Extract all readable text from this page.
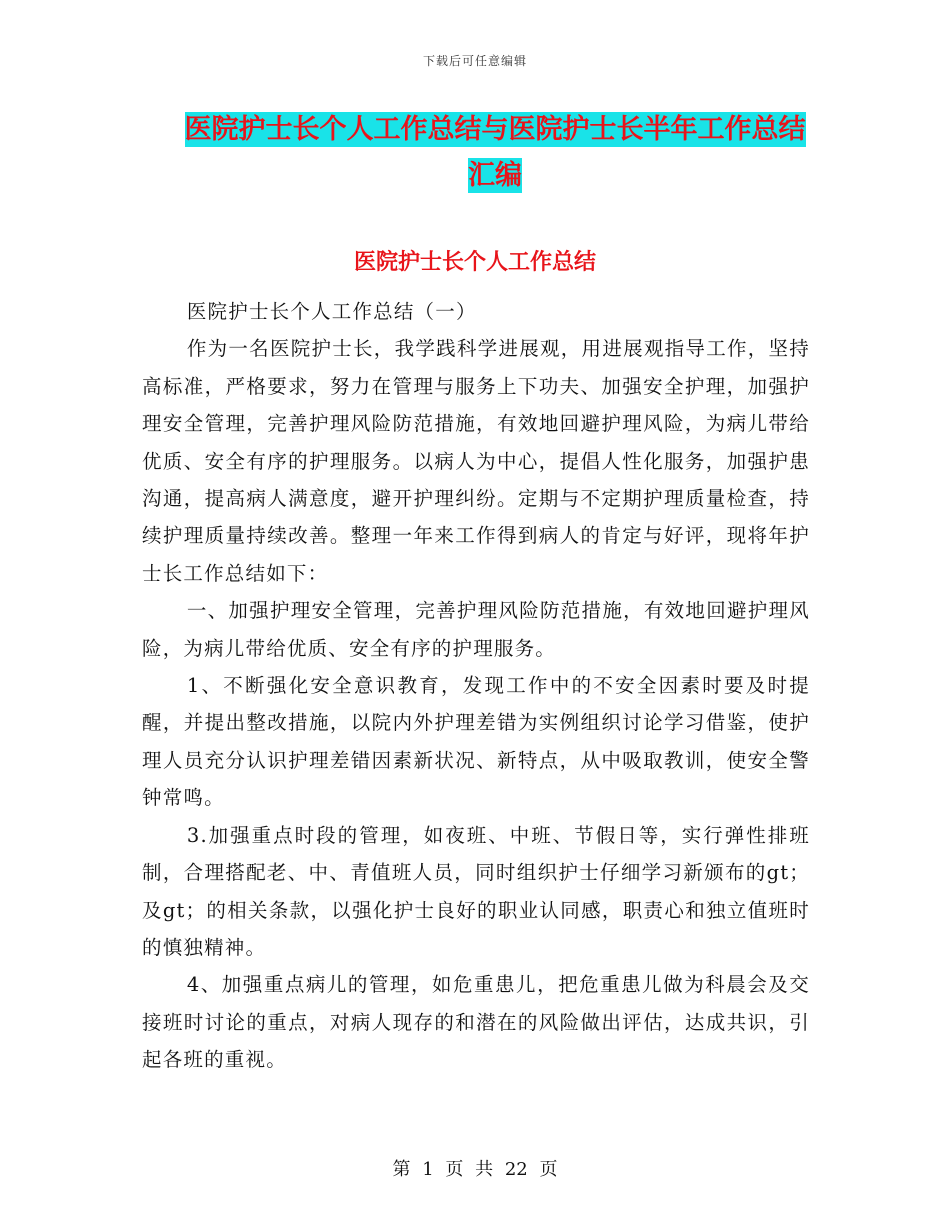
下载后可任意编辑
医院护士长个人工作总结与医院护士长半年工作总结
汇编
医院护士长个人工作总结

医院护士长个人工作总结（一）

作为一名医院护士长，我学践科学进展观，用进展观指导工作，坚持高标准，严格要求，努力在管理与服务上下功夫、加强安全护理，加强护理安全管理，完善护理风险防范措施，有效地回避护理风险，为病儿带给优质、安全有序的护理服务。以病人为中心，提倡人性化服务，加强护患沟通，提高病人满意度，避开护理纠纷。定期与不定期护理质量检查，持续护理质量持续改善。整理一年来工作得到病人的肯定与好评，现将年护士长工作总结如下：

一、加强护理安全管理，完善护理风险防范措施，有效地回避护理风险，为病儿带给优质、安全有序的护理服务。

1、不断强化安全意识教育，发现工作中的不安全因素时要及时提醒，并提出整改措施，以院内外护理差错为实例组织讨论学习借鉴，使护理人员充分认识护理差错因素新状况、新特点，从中吸取教训，使安全警钟常鸣。

3.加强重点时段的管理，如夜班、中班、节假日等，实行弹性排班制，合理搭配老、中、青值班人员，同时组织护士仔细学习新颁布的gt；及gt；的相关条款，以强化护士良好的职业认同感，职责心和独立值班时的慎独精神。

4、加强重点病儿的管理，如危重患儿，把危重患儿做为科晨会及交接班时讨论的重点，对病人现存的和潜在的风险做出评估，达成共识，引起各班的重视。

第 1 页 共 22 页
